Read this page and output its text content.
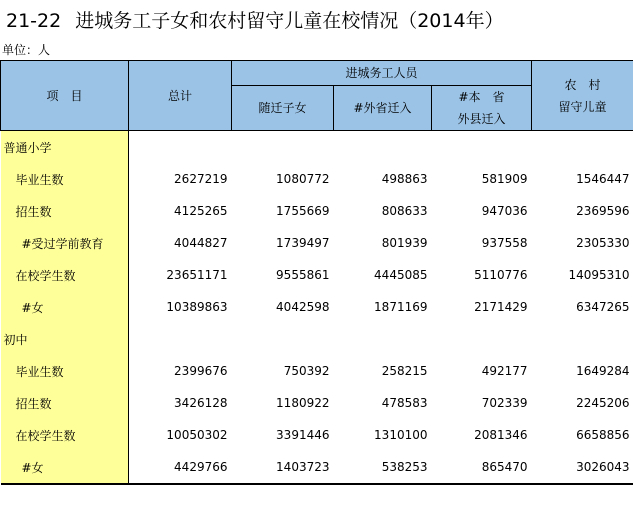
21-22 进城务工子女和农村留守儿童在校情况（2014年）
单位：人
项　目	总计	进城务工人员			农　村
留守儿童

		随迁子女	#外省迁入	#本　省
外县迁入	

普通小学					
毕业生数	2627219	1080772	498863	581909	1546447
招生数	4125265	1755669	808633	947036	2369596
#受过学前教育	4044827	1739497	801939	937558	2305330
在校学生数	23651171	9555861	4445085	5110776	14095310
#女	10389863	4042598	1871169	2171429	6347265
初中					
毕业生数	2399676	750392	258215	492177	1649284
招生数	3426128	1180922	478583	702339	2245206
在校学生数	10050302	3391446	1310100	2081346	6658856
#女	4429766	1403723	538253	865470	3026043
